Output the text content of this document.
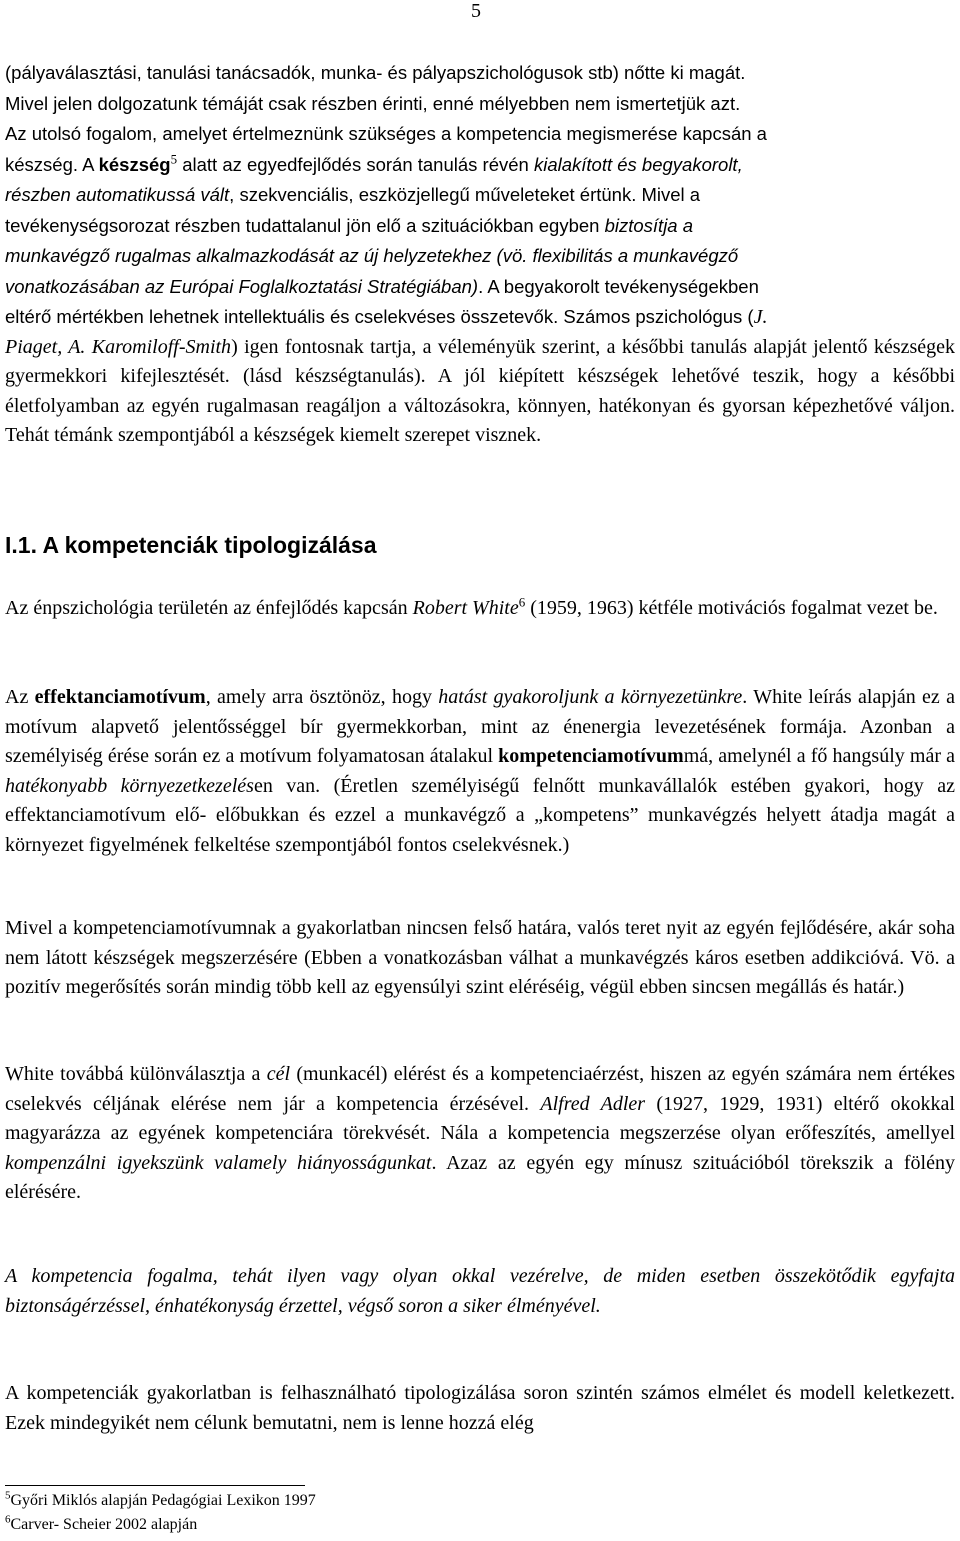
5

(pályaválasztási, tanulási tanácsadók, munka- és pályapszichológusok stb) nőtte ki magát.
Mivel jelen dolgozatunk témáját csak részben érinti, enné mélyebben nem ismertetjük azt.
Az utolsó fogalom, amelyet értelmeznünk szükséges a kompetencia megismerése kapcsán a
készség. A készség$^5$ alatt az egyedfejlődés során tanulás révén kialakított és begyakorolt,
részben automatikussá vált, szekvenciális, eszközjellegű műveleteket értünk. Mivel a
tevékenységsorozat részben tudattalanul jön elő a szituációkban egyben biztosítja a
munkavégző rugalmas alkalmazkodását az új helyzetekhez (vö. flexibilitás a munkavégző
vonatkozásában az Európai Foglalkoztatási Stratégiában). A begyakorolt tevékenységekben
eltérő mértékben lehetnek intellektuális és cselekvéses összetevők. Számos pszichológus (J.
Piaget, A. Karomiloff-Smith) igen fontosnak tartja, a véleményük szerint, a későbbi tanulás alapját jelentő készségek gyermekkori kifejlesztését. (lásd készségtanulás). A jól kiépített készségek lehetővé teszik, hogy a későbbi életfolyamban az egyén rugalmasan reagáljon a változásokra, könnyen, hatékonyan és gyorsan képezhetővé váljon. Tehát témánk szempontjából a készségek kiemelt szerepet visznek.

I.1. A kompetenciák tipologizálása

Az énpszichológia területén az énfejlődés kapcsán Robert White$^6$ (1959, 1963) kétféle motivációs fogalmat vezet be.

Az effektanciamotívum, amely arra ösztönöz, hogy hatást gyakoroljunk a környezetünkre. White leírás alapján ez a motívum alapvető jelentősséggel bír gyermekkorban, mint az énenergia levezetésének formája. Azonban a személyiség érése során ez a motívum folyamatosan átalakul kompetenciamotívummá, amelynél a fő hangsúly már a hatékonyabb környezetkezelésen van. (Éretlen személyiségű felnőtt munkavállalók estében gyakori, hogy az effektanciamotívum elő- előbukkan és ezzel a munkavégző a „kompetens” munkavégzés helyett átadja magát a környezet figyelmének felkeltése szempontjából fontos cselekvésnek.)

Mivel a kompetenciamotívumnak a gyakorlatban nincsen felső határa, valós teret nyit az egyén fejlődésére, akár soha nem látott készségek megszerzésére (Ebben a vonatkozásban válhat a munkavégzés káros esetben addikcióvá. Vö. a pozitív megerősítés során mindig több kell az egyensúlyi szint eléréséig, végül ebben sincsen megállás és határ.)

White továbbá különválasztja a cél (munkacél) elérést és a kompetenciaérzést, hiszen az egyén számára nem értékes cselekvés céljának elérése nem jár a kompetencia érzésével. Alfred Adler (1927, 1929, 1931) eltérő okokkal magyarázza az egyének kompetenciára törekvését. Nála a kompetencia megszerzése olyan erőfeszítés, amellyel kompenzálni igyekszünk valamely hiányosságunkat. Azaz az egyén egy mínusz szituációból törekszik a fölény elérésére.

A kompetencia fogalma, tehát ilyen vagy olyan okkal vezérelve, de miden esetben összekötődik egyfajta biztonságérzéssel, énhatékonyság érzettel, végső soron a siker élményével.

A kompetenciák gyakorlatban is felhasználható tipologizálása soron szintén számos elmélet és modell keletkezett. Ezek mindegyikét nem célunk bemutatni, nem is lenne hozzá elég

$^5$Győri Miklós alapján Pedagógiai Lexikon 1997
$^6$Carver- Scheier 2002 alapján
